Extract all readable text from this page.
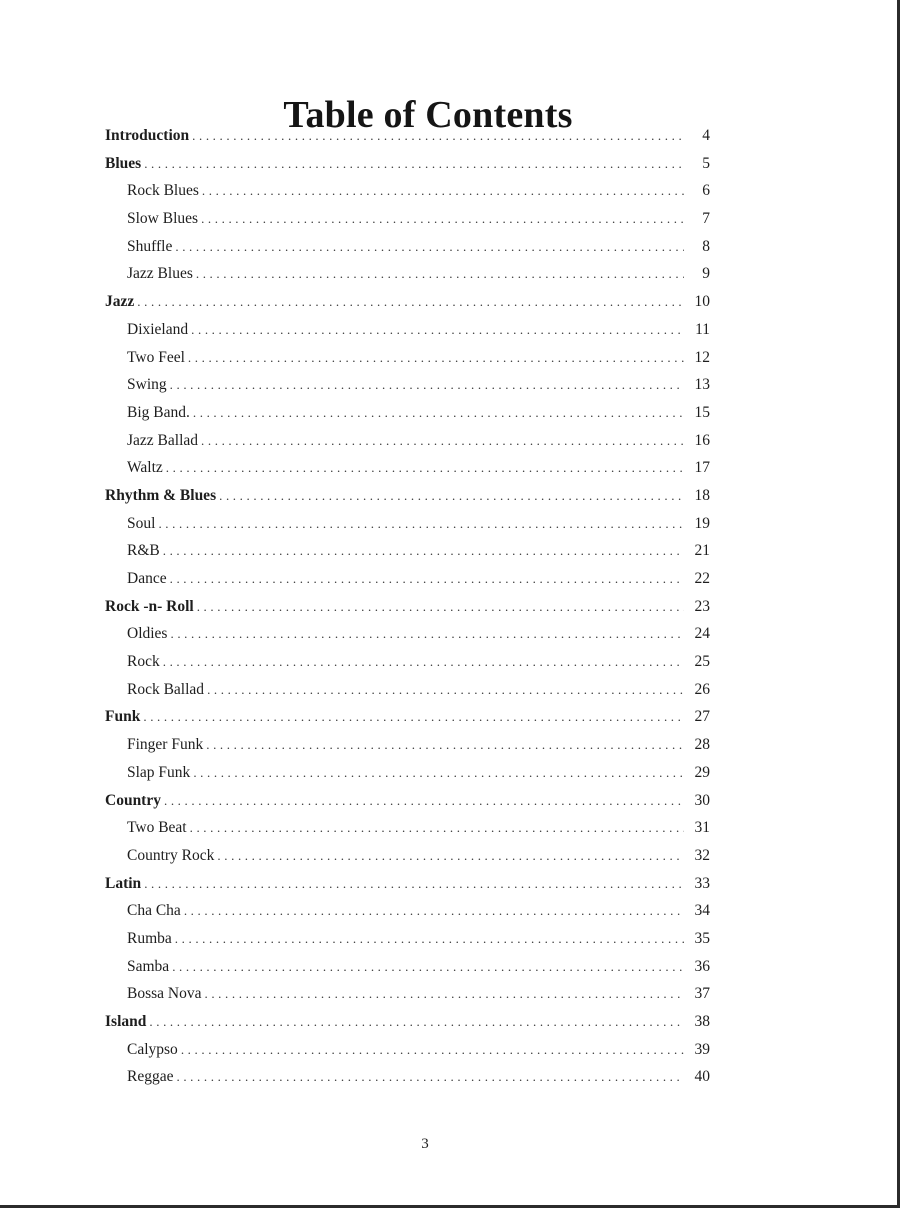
Table of Contents
Introduction .....	4
Blues .....	5
Rock Blues .....	6
Slow Blues .....	7
Shuffle .....	8
Jazz Blues .....	9
Jazz .....	10
Dixieland .....	11
Two Feel .....	12
Swing .....	13
Big Band. .....	15
Jazz Ballad .....	16
Waltz .....	17
Rhythm & Blues .....	18
Soul .....	19
R&B .....	21
Dance .....	22
Rock -n- Roll .....	23
Oldies .....	24
Rock .....	25
Rock Ballad .....	26
Funk .....	27
Finger Funk .....	28
Slap Funk .....	29
Country .....	30
Two Beat .....	31
Country Rock .....	32
Latin .....	33
Cha Cha .....	34
Rumba .....	35
Samba .....	36
Bossa Nova .....	37
Island .....	38
Calypso .....	39
Reggae .....	40
3
